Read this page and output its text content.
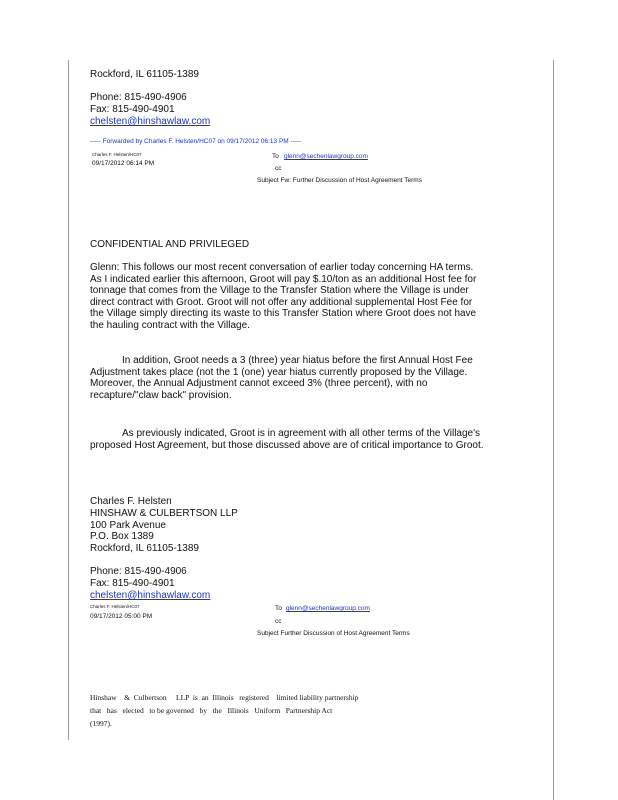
Rockford, IL 61105-1389
Phone: 815-490-4906
Fax: 815-490-4901
chelsten@hinshawlaw.com
----- Forwarded by Charles F. Helsten/HC07 on 09/17/2012 06:13 PM -----
Charles F. Helsten/HC07
09/17/2012 06:14 PM
To glenn@sechenlawgroup.com
cc
Subject Fw: Further Discussion of Host Agreement Terms
CONFIDENTIAL AND PRIVILEGED
Glenn: This follows our most recent conversation of earlier today concerning HA terms. As I indicated earlier this afternoon, Groot will pay $.10/ton as an additional Host fee for tonnage that comes from the Village to the Transfer Station where the Village is under direct contract with Groot. Groot will not offer any additional supplemental Host Fee for the Village simply directing its waste to this Transfer Station where Groot does not have the hauling contract with the Village.
In addition, Groot needs a 3 (three) year hiatus before the first Annual Host Fee Adjustment takes place (not the 1 (one) year hiatus currently proposed by the Village. Moreover, the Annual Adjustment cannot exceed 3% (three percent), with no recapture/"claw back" provision.
As previously indicated, Groot is in agreement with all other terms of the Village's proposed Host Agreement, but those discussed above are of critical importance to Groot.
Charles F. Helsten
HINSHAW & CULBERTSON LLP
100 Park Avenue
P.O. Box 1389
Rockford, IL 61105-1389
Phone: 815-490-4906
Fax: 815-490-4901
chelsten@hinshawlaw.com
Charles F. Helsten/HC07
09/17/2012 05:00 PM
To glenn@sechenlawgroup.com
cc
Subject Further Discussion of Host Agreement Terms
Hinshaw    &  Culbertson     LLP  is  an  Illinois   registered    limited liability partnership
that   has   elected   to be governed   by   the   Illinois   Uniform   Partnership Act
(1997).
